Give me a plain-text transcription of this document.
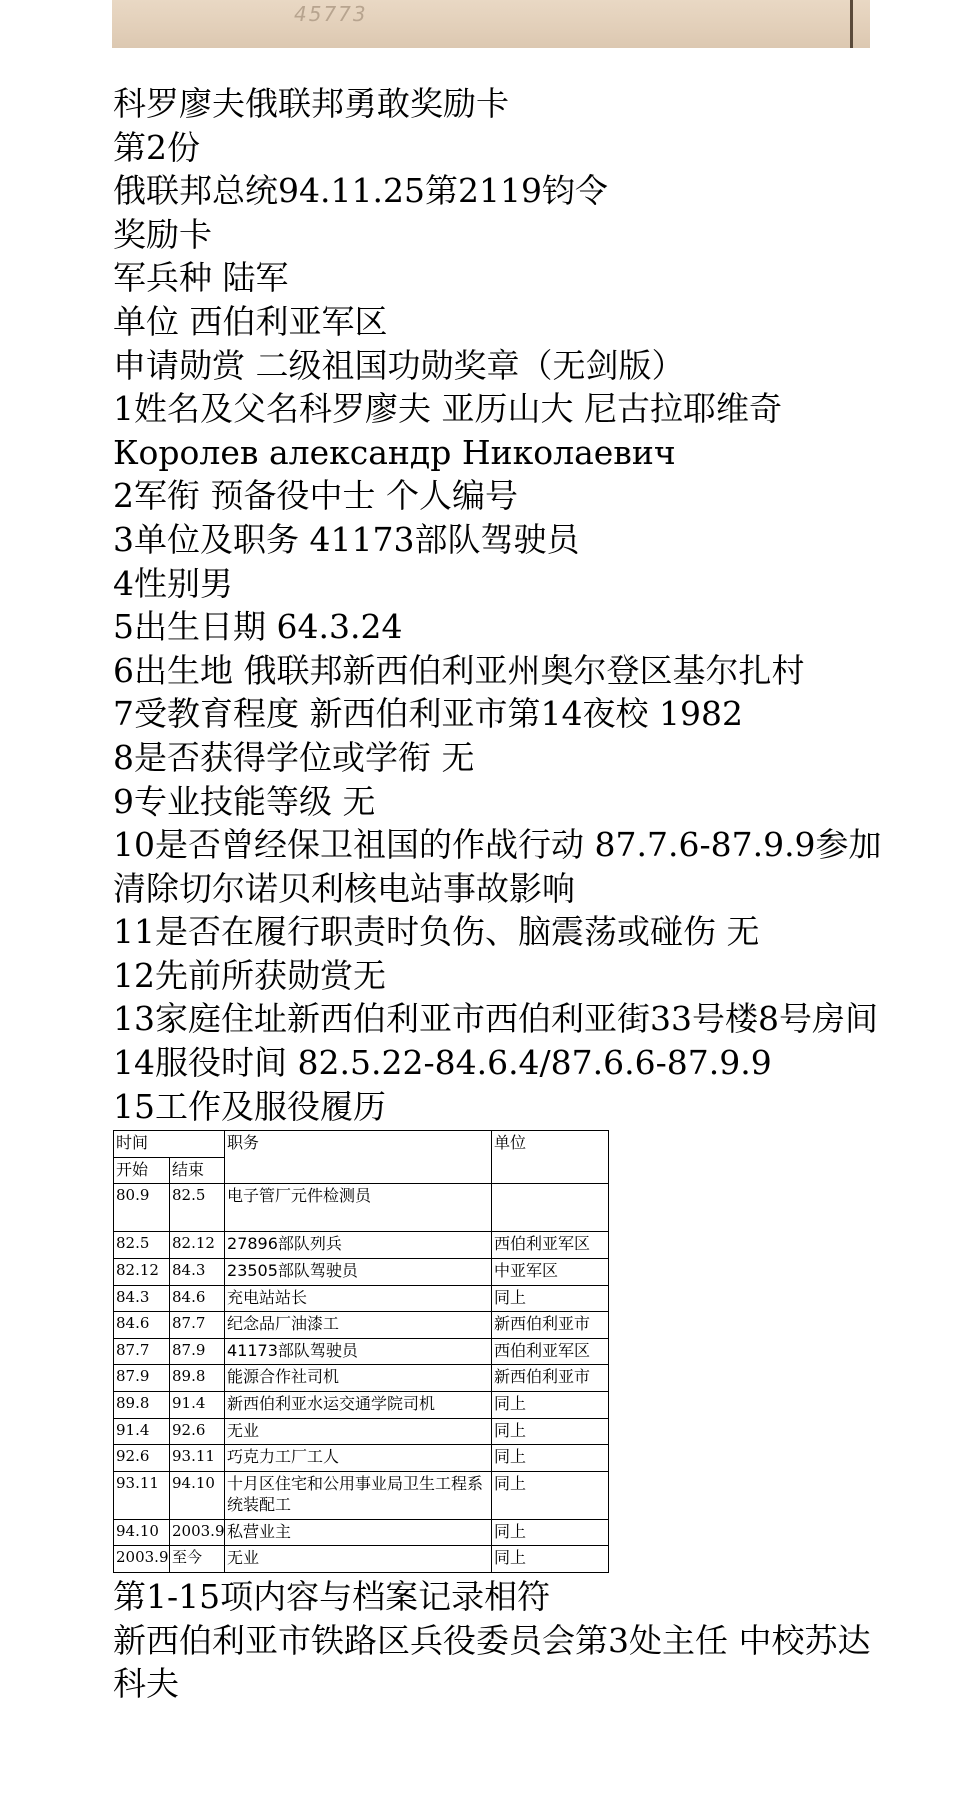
45773
科罗廖夫俄联邦勇敢奖励卡
第2份
俄联邦总统94.11.25第2119钧令
奖励卡
军兵种 陆军
单位 西伯利亚军区
申请勋赏 二级祖国功勋奖章（无剑版）
1姓名及父名科罗廖夫 亚历山大 尼古拉耶维奇
Королев александр Николаевич
2军衔 预备役中士 个人编号
3单位及职务 41173部队驾驶员
4性别男
5出生日期 64.3.24
6出生地 俄联邦新西伯利亚州奥尔登区基尔扎村
7受教育程度 新西伯利亚市第14夜校 1982
8是否获得学位或学衔 无
9专业技能等级 无
10是否曾经保卫祖国的作战行动 87.7.6-87.9.9参加清除切尔诺贝利核电站事故影响
11是否在履行职责时负伤、脑震荡或碰伤 无
12先前所获勋赏无
13家庭住址新西伯利亚市西伯利亚街33号楼8号房间
14服役时间 82.5.22-84.6.4/87.6.6-87.9.9
15工作及服役履历
时间		职务	单位
开始	结束		
80.9	82.5	电子管厂元件检测员	
82.5	82.12	27896部队列兵	西伯利亚军区
82.12	84.3	23505部队驾驶员	中亚军区
84.3	84.6	充电站站长	同上
84.6	87.7	纪念品厂油漆工	新西伯利亚市
87.7	87.9	41173部队驾驶员	西伯利亚军区
87.9	89.8	能源合作社司机	新西伯利亚市
89.8	91.4	新西伯利亚水运交通学院司机	同上
91.4	92.6	无业	同上
92.6	93.11	巧克力工厂工人	同上
93.11	94.10	十月区住宅和公用事业局卫生工程系统装配工	同上
94.10	2003.9	私营业主	同上
2003.9	至今	无业	同上
第1-15项内容与档案记录相符
新西伯利亚市铁路区兵役委员会第3处主任 中校苏达科夫
